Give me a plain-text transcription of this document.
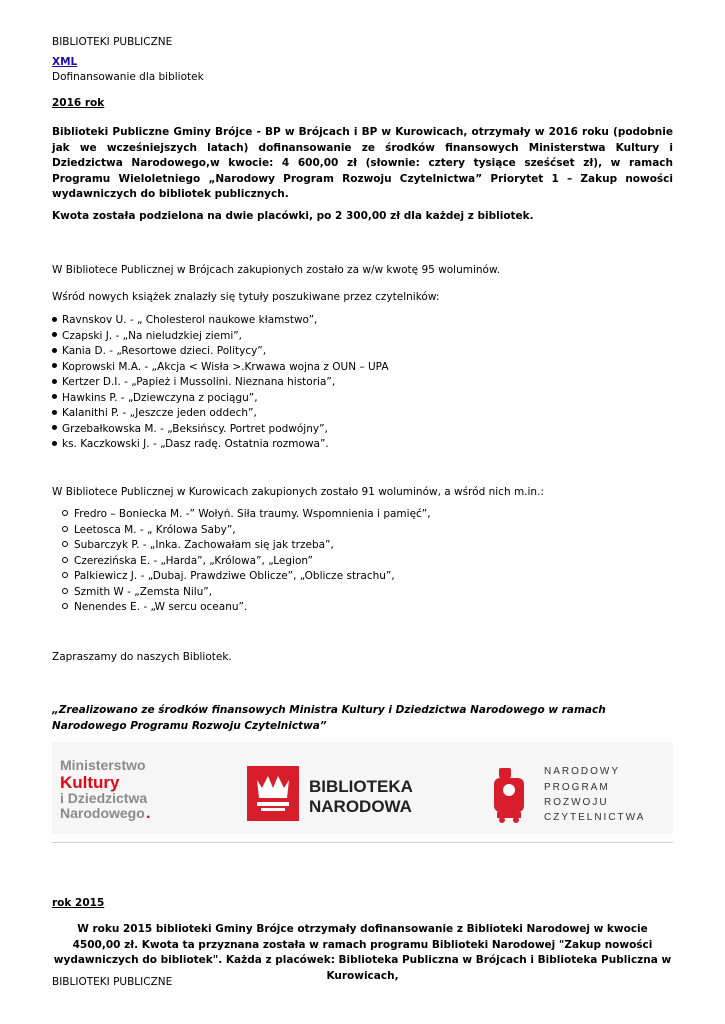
BIBLIOTEKI PUBLICZNE
XML
Dofinansowanie dla bibliotek
2016 rok
Biblioteki Publiczne Gminy Brójce - BP w Brójcach i BP w Kurowicach, otrzymały w 2016 roku (podobnie jak we wcześniejszych latach) dofinansowanie ze środków finansowych Ministerstwa Kultury i Dziedzictwa Narodowego,w kwocie: 4 600,00 zł (słownie: cztery tysiące sześćset zł), w ramach Programu Wieloletniego „Narodowy Program Rozwoju Czytelnictwa” Priorytet 1 – Zakup nowości wydawniczych do bibliotek publicznych.
Kwota została podzielona na dwie placówki, po 2 300,00 zł dla każdej z bibliotek.
W Bibliotece Publicznej w Brójcach zakupionych zostało za w/w kwotę 95 woluminów.
Wśród nowych książek znalazły się tytuły poszukiwane przez czytelników:
Ravnskov U. - „ Cholesterol naukowe kłamstwo”,
Czapski J. - „Na nieludzkiej ziemi”,
Kania D. - „Resortowe dzieci. Politycy”,
Koprowski M.A. - „Akcja < Wisła >.Krwawa wojna z OUN – UPA
Kertzer D.I. - „Papież i Mussolini. Nieznana historia”,
Hawkins P. - „Dziewczyna z pociągu”,
Kalanithi P. - „Jeszcze jeden oddech”,
Grzebałkowska M. - „Beksińscy. Portret podwójny”,
ks. Kaczkowski J. - „Dasz radę. Ostatnia rozmowa”.
W Bibliotece Publicznej w Kurowicach zakupionych zostało 91 woluminów, a wśród nich m.in.:
Fredro – Boniecka M. -” Wołyń. Siła traumy. Wspomnienia i pamięć”,
Leetosca M. - „ Królowa Saby”,
Subarczyk P. - „Inka. Zachowałam się jak trzeba”,
Czerezińska E. - „Harda”, „Królowa”, „Legion”
Palkiewicz J. - „Dubaj. Prawdziwe Oblicze”, „Oblicze strachu”,
Szmith W - „Zemsta Nilu”,
Nenendes E. - „W sercu oceanu”.
Zapraszamy do naszych Bibliotek.
„Zrealizowano ze środków finansowych Ministra Kultury i Dziedzictwa Narodowego w ramach Narodowego Programu Rozwoju Czytelnictwa”
Ministerstwo
Kultury
i Dziedzictwa
Narodowego .
BIBLIOTEKA
NARODOWA
NARODOWY
PROGRAM
ROZWOJU
CZYTELNICTWA
rok 2015
W roku 2015 biblioteki Gminy Brójce otrzymały dofinansowanie z Biblioteki Narodowej w kwocie 4500,00 zł. Kwota ta przyznana została w ramach programu Biblioteki Narodowej "Zakup nowości wydawniczych do bibliotek". Każda z placówek: Biblioteka Publiczna w Brójcach i Biblioteka Publiczna w Kurowicach,
BIBLIOTEKI PUBLICZNE
